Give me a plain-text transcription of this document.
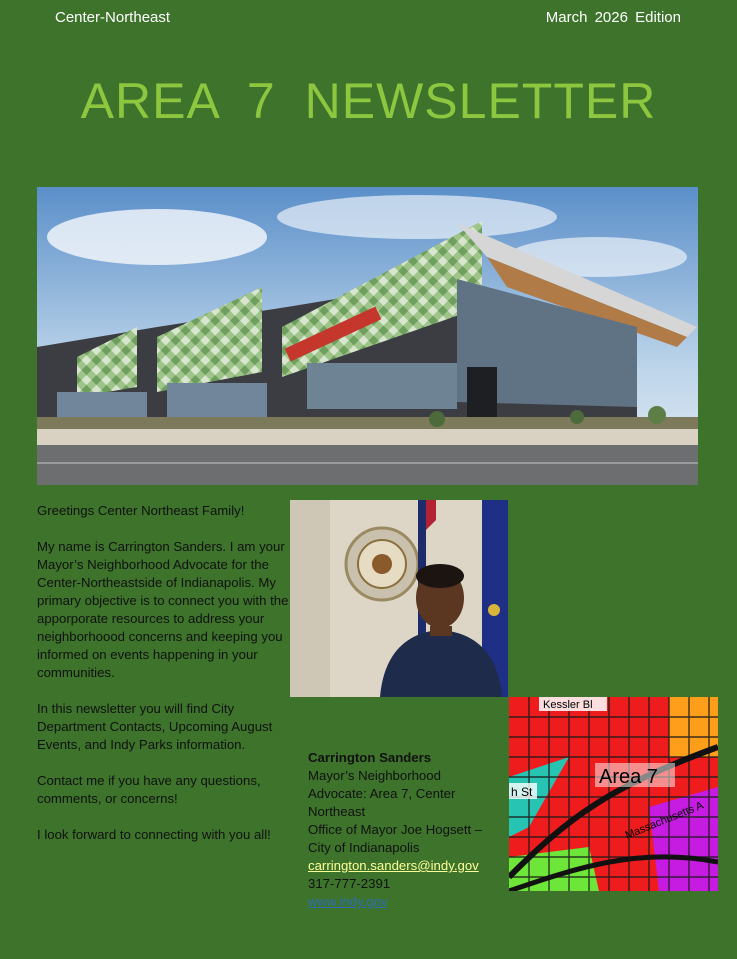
Center-Northeast	March 2026 Edition
AREA 7 NEWSLETTER

Greetings Center Northeast Family!

My name is Carrington Sanders. I am your Mayor’s Neighborhood Advocate for the Center-Northeastside of Indianapolis. My primary objective is to connect you with the apporporate resources to address your neighborhoood concerns and keeping you informed on events happening in your communities.

In this newsletter you will find City Department Contacts, Upcoming August Events, and Indy Parks information.

Contact me if you have any questions, comments, or concerns!

I look forward to connecting with you all!

Kessler Bl
Area 7
h St
Massachusetts A
Carrington Sanders
Mayor’s Neighborhood Advocate: Area 7, Center Northeast
Office of Mayor Joe Hogsett – City of Indianapolis
carrington.sanders@indy.gov
317-777-2391
www.indy.gov
